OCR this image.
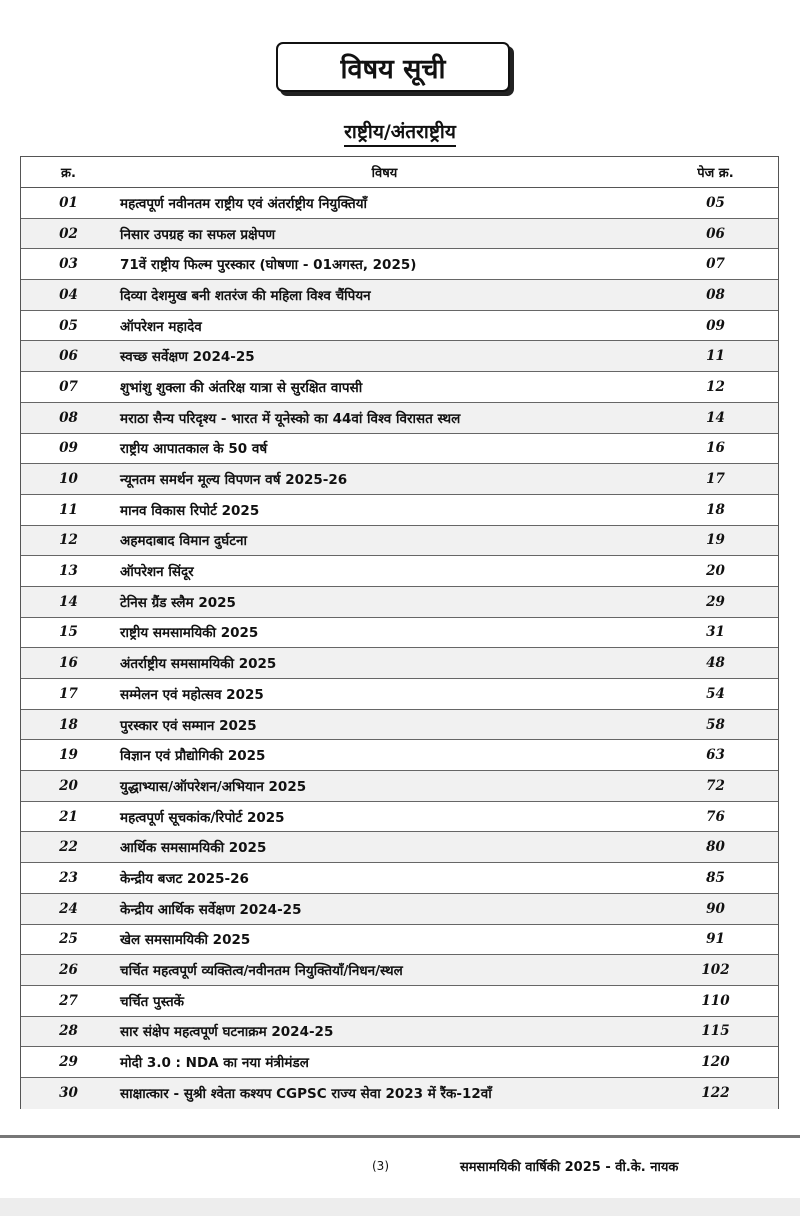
विषय सूची
राष्ट्रीय/अंतराष्ट्रीय
क्र.	विषय	पेज क्र.
01	महत्वपूर्ण नवीनतम राष्ट्रीय एवं अंतर्राष्ट्रीय नियुक्तियाँ	05
02	निसार उपग्रह का सफल प्रक्षेपण	06
03	71वें राष्ट्रीय फिल्म पुरस्कार (घोषणा - 01अगस्त, 2025)	07
04	दिव्या देशमुख बनी शतरंज की महिला विश्व चैंपियन	08
05	ऑपरेशन महादेव	09
06	स्वच्छ सर्वेक्षण 2024-25	11
07	शुभांशु शुक्ला की अंतरिक्ष यात्रा से सुरक्षित वापसी	12
08	मराठा सैन्य परिदृश्य - भारत में यूनेस्को का 44वां विश्व विरासत स्थल	14
09	राष्ट्रीय आपातकाल के 50 वर्ष	16
10	न्यूनतम समर्थन मूल्य विपणन वर्ष 2025-26	17
11	मानव विकास रिपोर्ट 2025	18
12	अहमदाबाद विमान दुर्घटना	19
13	ऑपरेशन सिंदूर	20
14	टेनिस ग्रैंड स्लैम 2025	29
15	राष्ट्रीय समसामयिकी 2025	31
16	अंतर्राष्ट्रीय समसामयिकी 2025	48
17	सम्मेलन एवं महोत्सव 2025	54
18	पुरस्कार एवं सम्मान 2025	58
19	विज्ञान एवं प्रौद्योगिकी 2025	63
20	युद्धाभ्यास/ऑपरेशन/अभियान 2025	72
21	महत्वपूर्ण सूचकांक/रिपोर्ट 2025	76
22	आर्थिक समसामयिकी 2025	80
23	केन्द्रीय बजट 2025-26	85
24	केन्द्रीय आर्थिक सर्वेक्षण 2024-25	90
25	खेल समसामयिकी 2025	91
26	चर्चित महत्वपूर्ण व्यक्तित्व/नवीनतम नियुक्तियाँ/निधन/स्थल	102
27	चर्चित पुस्तकें	110
28	सार संक्षेप महत्वपूर्ण घटनाक्रम 2024-25	115
29	मोदी 3.0 : NDA का नया मंत्रीमंडल	120
30	साक्षात्कार - सुश्री श्वेता कश्यप CGPSC राज्य सेवा 2023 में रैंक-12वाँ	122
(3)	समसामयिकी वार्षिकी 2025 - वी.के. नायक
